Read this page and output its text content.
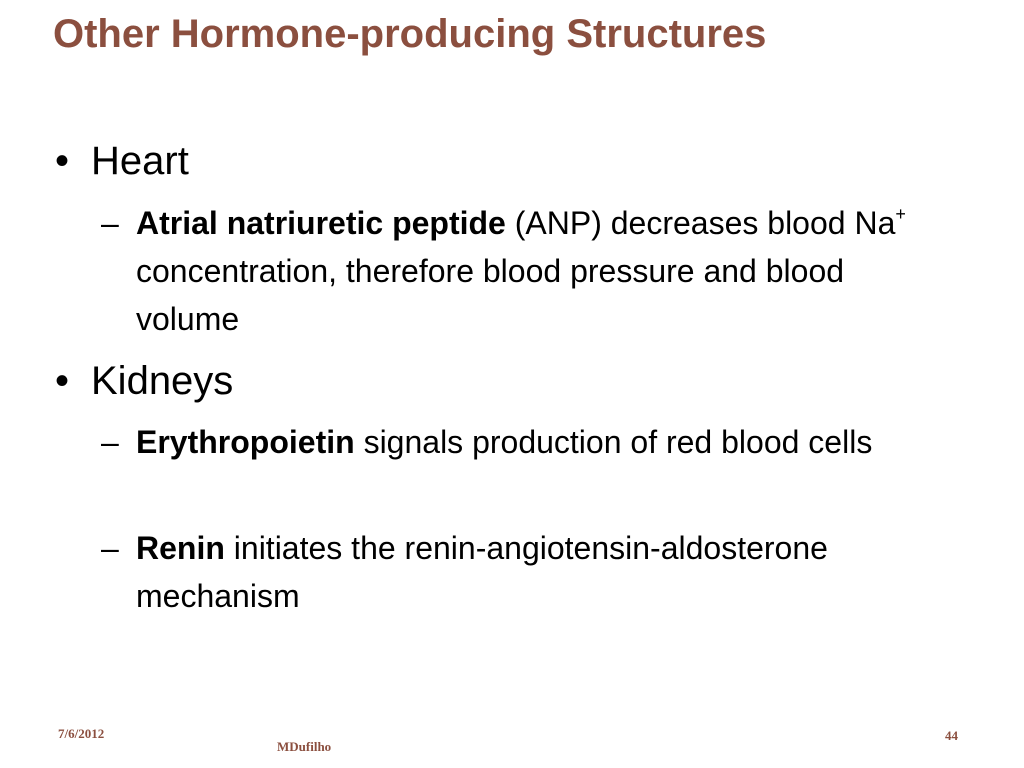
Other Hormone-producing Structures
• Heart
– Atrial natriuretic peptide (ANP) decreases blood Na+ concentration, therefore blood pressure and blood volume
• Kidneys
– Erythropoietin signals production of red blood cells
– Renin initiates the renin-angiotensin-aldosterone mechanism
7/6/2012
MDufilho
44
